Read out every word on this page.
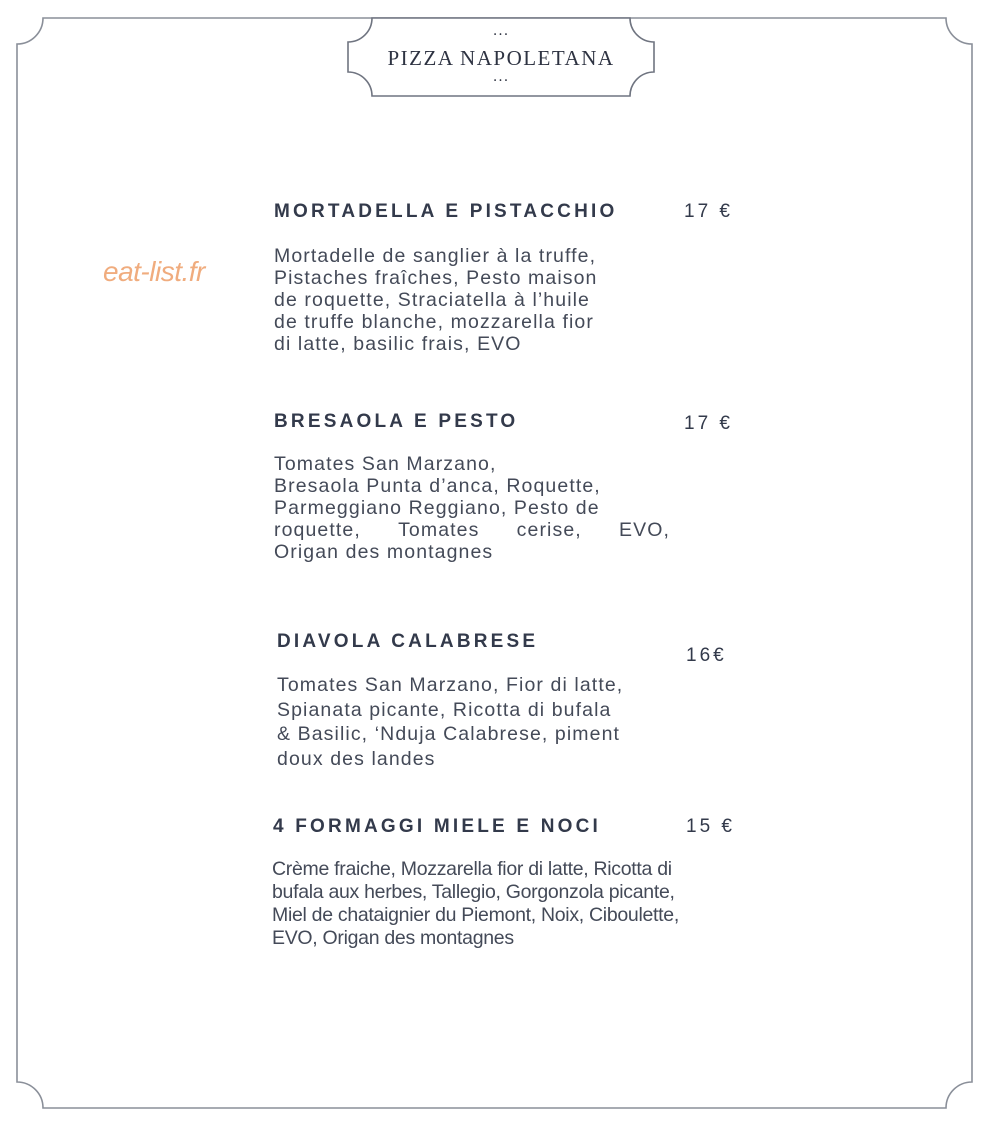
...
PIZZA NAPOLETANA
...
eat-list.fr
MORTADELLA E PISTACCHIO	17 €
Mortadelle de sanglier à la truffe,
Pistaches fraîches, Pesto maison
de roquette, Straciatella à l’huile
de truffe blanche, mozzarella fior
di latte, basilic frais, EVO
BRESAOLA E PESTO	17 €
Tomates San Marzano,
Bresaola Punta d’anca, Roquette,
Parmeggiano Reggiano, Pesto de
roquette, Tomates cerise, EVO,
Origan des montagnes
DIAVOLA CALABRESE
16€
Tomates San Marzano, Fior di latte,
Spianata picante, Ricotta di bufala
& Basilic, ‘Nduja Calabrese, piment
doux des landes
4 FORMAGGI MIELE E NOCI	15 €
Crème fraiche, Mozzarella fior di latte, Ricotta di
bufala aux herbes, Tallegio, Gorgonzola picante,
Miel de chataignier du Piemont, Noix, Ciboulette,
EVO, Origan des montagnes
